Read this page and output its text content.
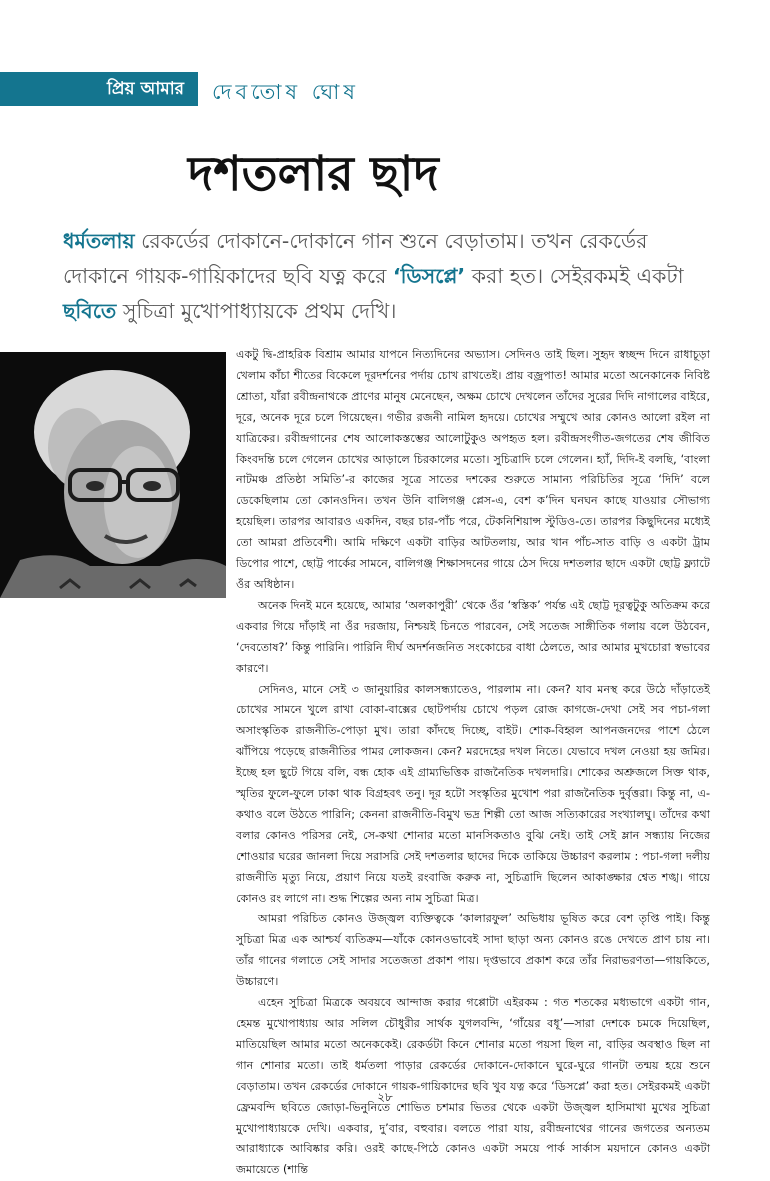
প্রিয় আমার দেবতোষ ঘোষ
দশতলার ছাদ

ধর্মতলায় রেকর্ডের দোকানে-দোকানে গান শুনে বেড়াতাম। তখন রেকর্ডের দোকানে গায়ক-গায়িকাদের ছবি যত্ন করে ‘ডিসপ্লে’ করা হত। সেইরকমই একটা ছবিতে সুচিত্রা মুখোপাধ্যায়কে প্রথম দেখি।

একটু দ্বি-প্রাহরিক বিশ্রাম আমার যাপনে নিত্যদিনের অভ্যাস। সেদিনও তাই ছিল। সুহৃদ স্বচ্ছন্দ দিনে রাধাচূড়া খেলাম কাঁচা শীতের বিকেলে দূরদর্শনের পর্দায় চোখ রাখতেই। প্রায় বজ্রপাত! আমার মতো অনেকানেক নিবিষ্ট শ্রোতা, যাঁরা রবীন্দ্রনাথকে প্রাণের মানুষ মেনেছেন, অক্ষম চোখে দেখলেন তাঁদের সুরের দিদি নাগালের বাইরে, দূরে, অনেক দূরে চলে গিয়েছেন। গভীর রজনী নামিল হৃদয়ে। চোখের সম্মুখে আর কোনও আলো রইল না যাত্রিকের। রবীন্দ্রগানের শেষ আলোকস্তম্ভের আলোটুকুও অপহৃত হল। রবীন্দ্রসংগীত-জগতের শেষ জীবিত কিংবদন্তি চলে গেলেন চোখের আড়ালে চিরকালের মতো। সুচিত্রাদি চলে গেলেন। হ্যাঁ, দিদি-ই বলছি, ‘বাংলা নাটমঞ্চ প্রতিষ্ঠা সমিতি’-র কাজের সূত্রে সাতের দশকের শুরুতে সামান্য পরিচিতির সূত্রে ‘দিদি’ বলে ডেকেছিলাম তো কোনওদিন। তখন উনি বালিগঞ্জ প্লেস-এ, বেশ ক’দিন ঘনঘন কাছে যাওয়ার সৌভাগ্য হয়েছিল। তারপর আবারও একদিন, বছর চার-পাঁচ পরে, টেকনিশিয়ান্স স্টুডিও-তে। তারপর কিছুদিনের মধ্যেই তো আমরা প্রতিবেশী। আমি দক্ষিণে একটা বাড়ির আটতলায়, আর খান পাঁচ-সাত বাড়ি ও একটা ট্রাম ডিপোর পাশে, ছোট্ট পার্কের সামনে, বালিগঞ্জ শিক্ষাসদনের গায়ে ঠেস দিয়ে দশতলার ছাদে একটা ছোট্ট ফ্ল্যাটে ওঁর অধিষ্ঠান।

অনেক দিনই মনে হয়েছে, আমার ‘অলকাপুরী’ থেকে ওঁর ‘স্বস্তিক’ পর্যন্ত এই ছোট্ট দূরত্বটুকু অতিক্রম করে একবার গিয়ে দাঁড়াই না ওঁর দরজায়, নিশ্চয়ই চিনতে পারবেন, সেই সতেজ সাঙ্গীতিক গলায় বলে উঠবেন, ‘দেবতোষ?’ কিন্তু পারিনি। পারিনি দীর্ঘ অদর্শনজনিত সংকোচের বাধা ঠেলতে, আর আমার মুখচোরা স্বভাবের কারণে।

সেদিনও, মানে সেই ৩ জানুয়ারির কালসন্ধ্যাতেও, পারলাম না। কেন? যাব মনস্থ করে উঠে দাঁড়াতেই চোখের সামনে খুলে রাখা বোকা-বাক্সের ছোটপর্দায় চোখে পড়ল রোজ কাগজে-দেখা সেই সব পচা-গলা অসাংস্কৃতিক রাজনীতি-পোড়া মুখ। তারা কাঁদছে দিচ্ছে, বাইট। শোক-বিহ্বল আপনজনদের পাশে ঠেলে ঝাঁপিয়ে পড়েছে রাজনীতির পামর লোকজন। কেন? মরদেহের দখল নিতে। যেভাবে দখল নেওয়া হয় জমির। ইচ্ছে হল ছুটে গিয়ে বলি, বন্ধ হোক এই গ্রাম্যভিত্তিক রাজনৈতিক দখলদারি। শোকের অশ্রুজলে সিক্ত থাক, স্মৃতির ফুলে-ফুলে ঢাকা থাক বিগ্রহবৎ তনু। দূর হটো সংস্কৃতির মুখোশ পরা রাজনৈতিক দুর্বৃত্তরা। কিন্তু না, এ-কথাও বলে উঠতে পারিনি; কেননা রাজনীতি-বিমুখ ভদ্র শিল্পী তো আজ সত্যিকারের সংখ্যালঘু। তাঁদের কথা বলার কোনও পরিসর নেই, সে-কথা শোনার মতো মানসিকতাও বুঝি নেই। তাই সেই ম্লান সন্ধ্যায় নিজের শোওয়ার ঘরের জানলা দিয়ে সরাসরি সেই দশতলার ছাদের দিকে তাকিয়ে উচ্চারণ করলাম : পচা-গলা দলীয় রাজনীতি মৃত্যু নিয়ে, প্রয়াণ নিয়ে যতই রংবাজি করুক না, সুচিত্রাদি ছিলেন আকাঙ্ক্ষার শ্বেত শঙ্খ। গায়ে কোনও রং লাগে না। শুদ্ধ শিল্পের অন্য নাম সুচিত্রা মিত্র।

আমরা পরিচিত কোনও উজ্জ্বল ব্যক্তিত্বকে ‘কালারফুল’ অভিধায় ভূষিত করে বেশ তৃপ্তি পাই। কিন্তু সুচিত্রা মিত্র এক আশ্চর্য ব্যতিক্রম—যাঁকে কোনওভাবেই সাদা ছাড়া অন্য কোনও রঙে দেখতে প্রাণ চায় না। তাঁর গানের গলাতে সেই সাদার সতেজতা প্রকাশ পায়। দৃপ্তভাবে প্রকাশ করে তাঁর নিরাভরণতা—গায়কিতে, উচ্চারণে।

এহেন সুচিত্রা মিত্রকে অবয়বে আন্দাজ করার গপ্পোটা এইরকম : গত শতকের মধ্যভাগে একটা গান, হেমন্ত মুখোপাধ্যায় আর সলিল চৌধুরীর সার্থক যুগলবন্দি, ‘গাঁয়ের বধূ’—সারা দেশকে চমকে দিয়েছিল, মাতিয়েছিল আমার মতো অনেককেই। রেকর্ডটা কিনে শোনার মতো পয়সা ছিল না, বাড়ির অবস্থাও ছিল না গান শোনার মতো। তাই ধর্মতলা পাড়ার রেকর্ডের দোকানে-দোকানে ঘুরে-ঘুরে গানটা তন্ময় হয়ে শুনে বেড়াতাম। তখন রেকর্ডের দোকানে গায়ক-গায়িকাদের ছবি খুব যত্ন করে ‘ডিসপ্লে’ করা হত। সেইরকমই একটা ফ্রেমবন্দি ছবিতে জোড়া-ভিনুনিতে শোভিত চশমার ভিতর থেকে একটা উজ্জ্বল হাসিমাখা মুখের সুচিত্রা মুখোপাধ্যায়কে দেখি। একবার, দু’বার, বহুবার। বলতে পারা যায়, রবীন্দ্রনাথের গানের জগতের অন্যতম আরাধ্যাকে আবিষ্কার করি। ওরই কাছে-পিঠে কোনও একটা সময়ে পার্ক সার্কাস ময়দানে কোনও একটা জমায়েতে (শান্তি

২৮
